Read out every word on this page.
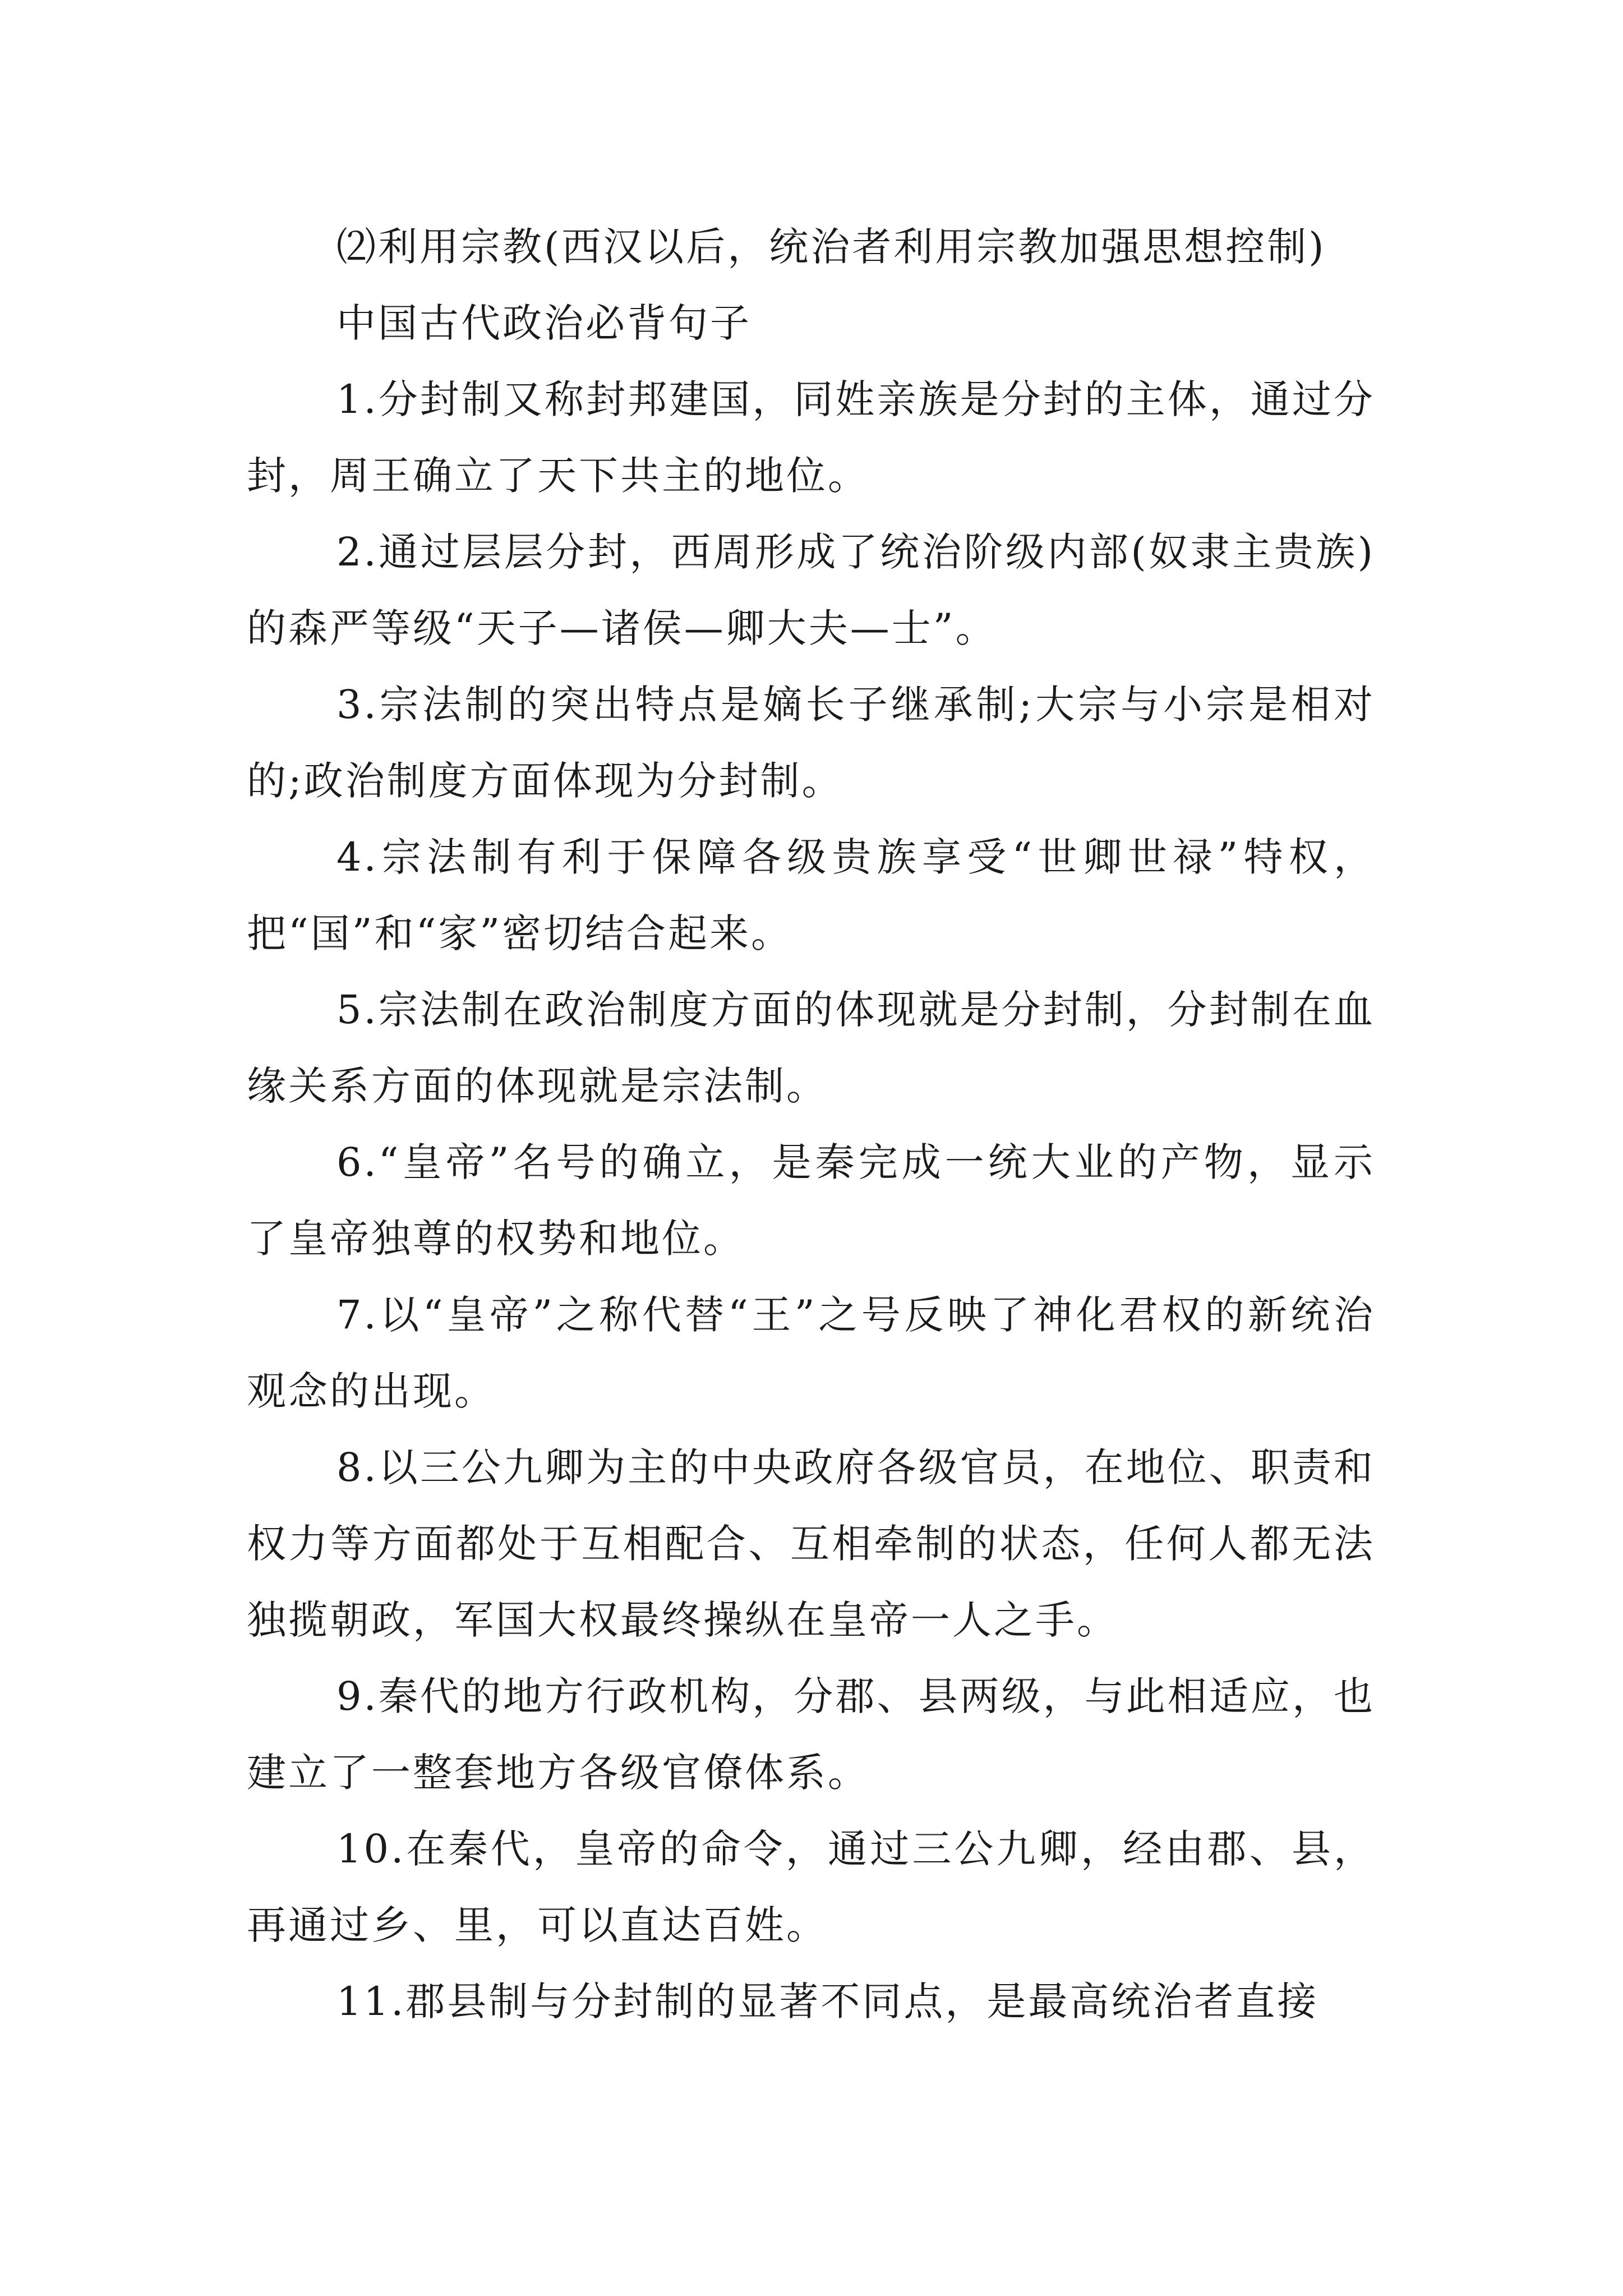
⑵利用宗教(西汉以后，统治者利用宗教加强思想控制)

中国古代政治必背句子

1.分封制又称封邦建国，同姓亲族是分封的主体，通过分封，周王确立了天下共主的地位。

2.通过层层分封，西周形成了统治阶级内部(奴隶主贵族)的森严等级“天子—诸侯—卿大夫—士”。

3.宗法制的突出特点是嫡长子继承制;大宗与小宗是相对的;政治制度方面体现为分封制。

4.宗法制有利于保障各级贵族享受“世卿世禄”特权，把“国”和“家”密切结合起来。

5.宗法制在政治制度方面的体现就是分封制，分封制在血缘关系方面的体现就是宗法制。

6.“皇帝”名号的确立，是秦完成一统大业的产物，显示了皇帝独尊的权势和地位。

7.以“皇帝”之称代替“王”之号反映了神化君权的新统治观念的出现。

8.以三公九卿为主的中央政府各级官员，在地位、职责和权力等方面都处于互相配合、互相牵制的状态，任何人都无法独揽朝政，军国大权最终操纵在皇帝一人之手。

9.秦代的地方行政机构，分郡、县两级，与此相适应，也建立了一整套地方各级官僚体系。

10.在秦代，皇帝的命令，通过三公九卿，经由郡、县，再通过乡、里，可以直达百姓。

11.郡县制与分封制的显著不同点，是最高统治者直接
